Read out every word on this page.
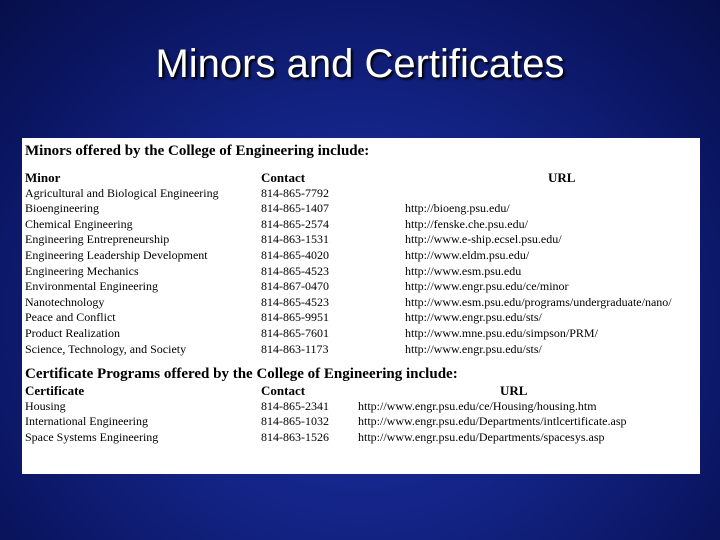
Minors and Certificates
Minors offered by the College of Engineering include:
Minor	Contact	URL
Agricultural and Biological Engineering	814-865-7792
Bioengineering	814-865-1407	http://bioeng.psu.edu/
Chemical Engineering	814-865-2574	http://fenske.che.psu.edu/
Engineering Entrepreneurship	814-863-1531	http://www.e-ship.ecsel.psu.edu/
Engineering Leadership Development	814-865-4020	http://www.eldm.psu.edu/
Engineering Mechanics	814-865-4523	http://www.esm.psu.edu
Environmental Engineering	814-867-0470	http://www.engr.psu.edu/ce/minor
Nanotechnology	814-865-4523	http://www.esm.psu.edu/programs/undergraduate/nano/
Peace and Conflict	814-865-9951	http://www.engr.psu.edu/sts/
Product Realization	814-865-7601	http://www.mne.psu.edu/simpson/PRM/
Science, Technology, and Society	814-863-1173	http://www.engr.psu.edu/sts/
Certificate Programs offered by the College of Engineering include:
Certificate	Contact	URL
Housing	814-865-2341 http://www.engr.psu.edu/ce/Housing/housing.htm
International Engineering	814-865-1032 http://www.engr.psu.edu/Departments/intlcertificate.asp
Space Systems Engineering	814-863-1526 http://www.engr.psu.edu/Departments/spacesys.asp
